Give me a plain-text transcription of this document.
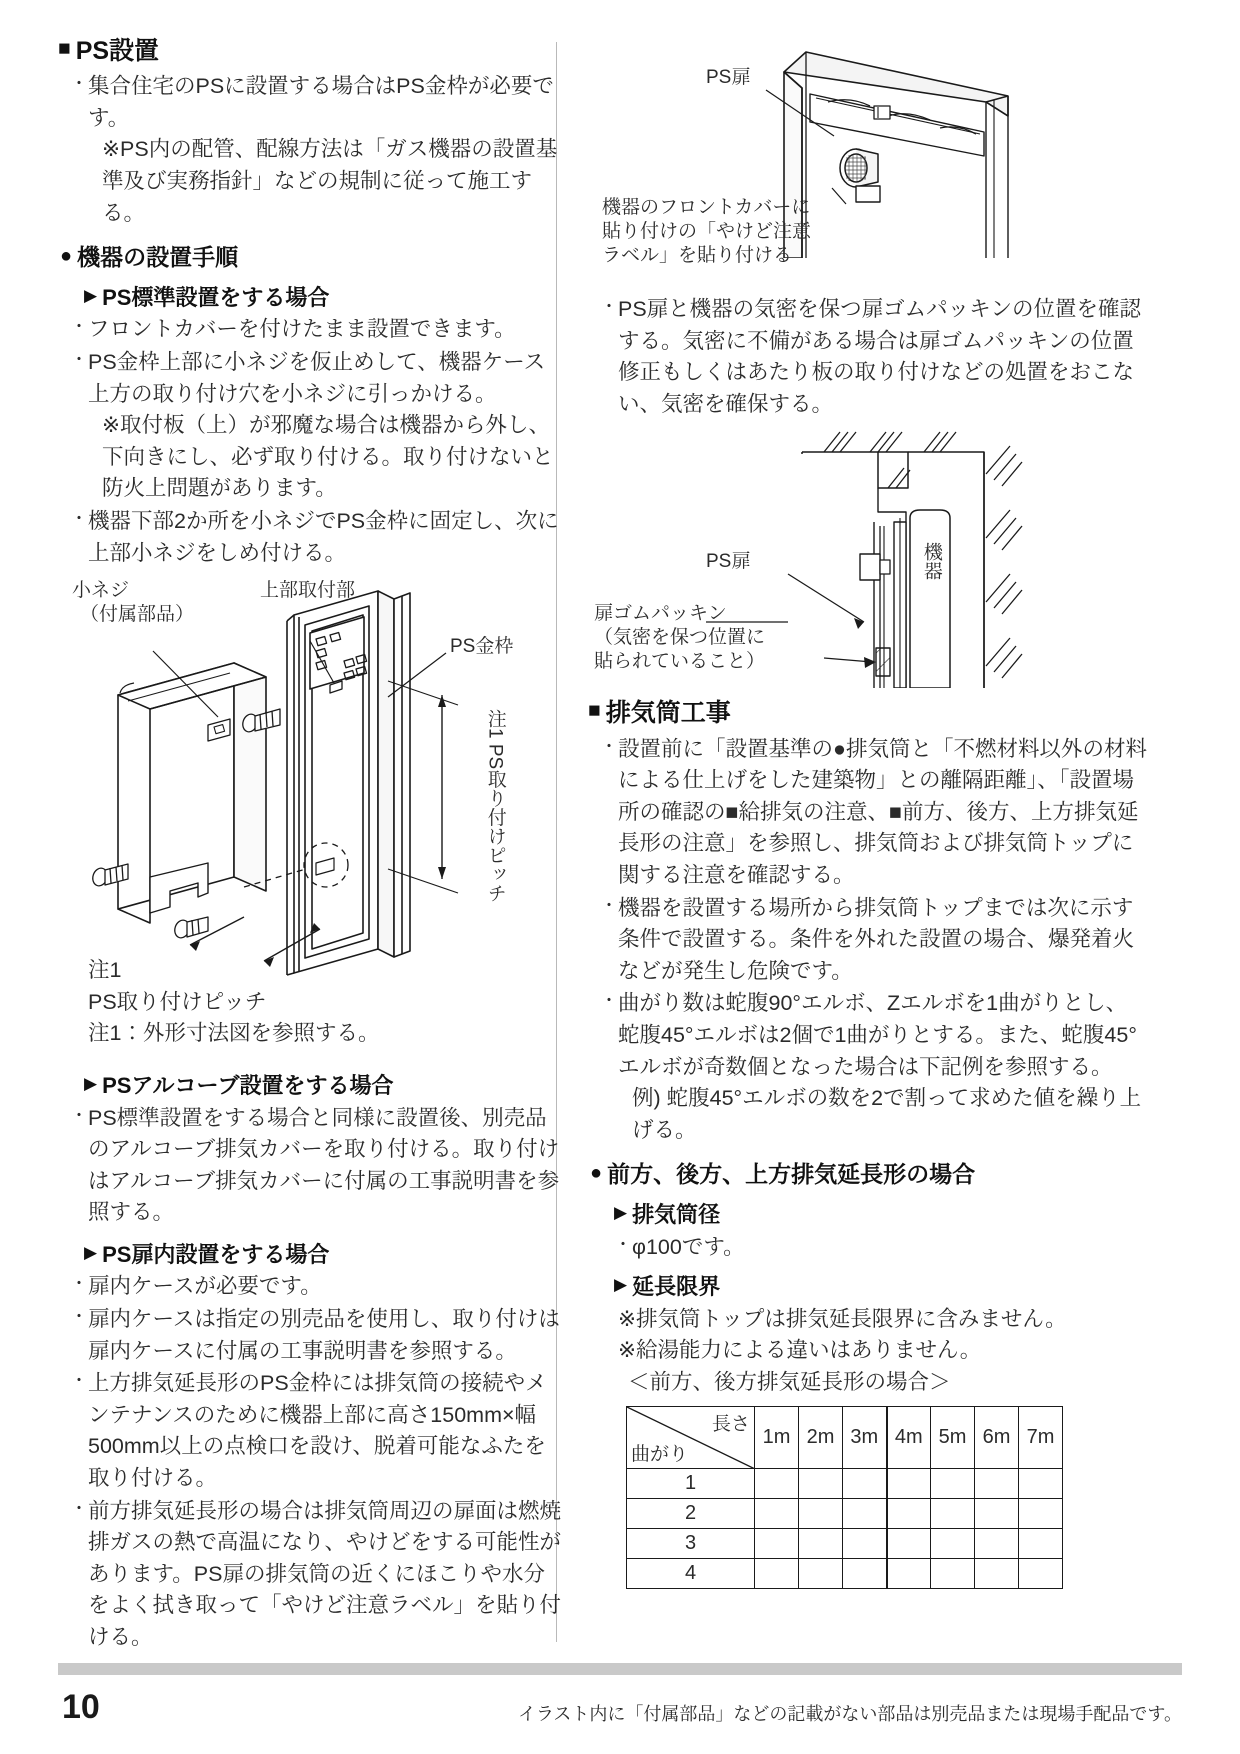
■ PS設置
・ 集合住宅のPSに設置する場合はPS金枠が必要です。
※PS内の配管、配線方法は「ガス機器の設置基準及び実務指針」などの規制に従って施工する。
● 機器の設置手順
▶ PS標準設置をする場合
・ フロントカバーを付けたまま設置できます。
・ PS金枠上部に小ネジを仮止めして、機器ケース上方の取り付け穴を小ネジに引っかける。
※取付板（上）が邪魔な場合は機器から外し、下向きにし、必ず取り付ける。取り付けないと防火上問題があります。
・ 機器下部2か所を小ネジでPS金枠に固定し、次に上部小ネジをしめ付ける。
小ネジ
（付属部品）
上部取付部
PS金枠
注1 PS取り付けピッチ
注1
PS取り付けピッチ
注1：外形寸法図を参照する。
▶ PSアルコーブ設置をする場合
・ PS標準設置をする場合と同様に設置後、別売品のアルコーブ排気カバーを取り付ける。取り付けはアルコーブ排気カバーに付属の工事説明書を参照する。
▶ PS扉内設置をする場合
・ 扉内ケースが必要です。
・ 扉内ケースは指定の別売品を使用し、取り付けは扉内ケースに付属の工事説明書を参照する。
・ 上方排気延長形のPS金枠には排気筒の接続やメンテナンスのために機器上部に高さ150mm×幅500mm以上の点検口を設け、脱着可能なふたを取り付ける。
・ 前方排気延長形の場合は排気筒周辺の扉面は燃焼排ガスの熱で高温になり、やけどをする可能性があります。PS扉の排気筒の近くにほこりや水分をよく拭き取って「やけど注意ラベル」を貼り付ける。
PS扉
機器のフロントカバーに
貼り付けの「やけど注意
ラベル」を貼り付ける
・ PS扉と機器の気密を保つ扉ゴムパッキンの位置を確認する。気密に不備がある場合は扉ゴムパッキンの位置修正もしくはあたり板の取り付けなどの処置をおこない、気密を確保する。
PS扉	機器
扉ゴムパッキン
（気密を保つ位置に
貼られていること）
■ 排気筒工事
・ 設置前に「設置基準の●排気筒と「不燃材料以外の材料による仕上げをした建築物」との離隔距離」、「設置場所の確認の■給排気の注意、■前方、後方、上方排気延長形の注意」を参照し、排気筒および排気筒トップに関する注意を確認する。
・ 機器を設置する場所から排気筒トップまでは次に示す条件で設置する。条件を外れた設置の場合、爆発着火などが発生し危険です。
・ 曲がり数は蛇腹90°エルボ、Zエルボを1曲がりとし、蛇腹45°エルボは2個で1曲がりとする。また、蛇腹45°エルボが奇数個となった場合は下記例を参照する。
例) 蛇腹45°エルボの数を2で割って求めた値を繰り上げる。
● 前方、後方、上方排気延長形の場合
▶ 排気筒径
・ φ100です。
▶ 延長限界
※排気筒トップは排気延長限界に含みません。
※給湯能力による違いはありません。
＜前方、後方排気延長形の場合＞
長さ
曲がり	1m	2m	3m	4m	5m	6m	7m
1							
2							
3							
4							
10	イラスト内に「付属部品」などの記載がない部品は別売品または現場手配品です。
